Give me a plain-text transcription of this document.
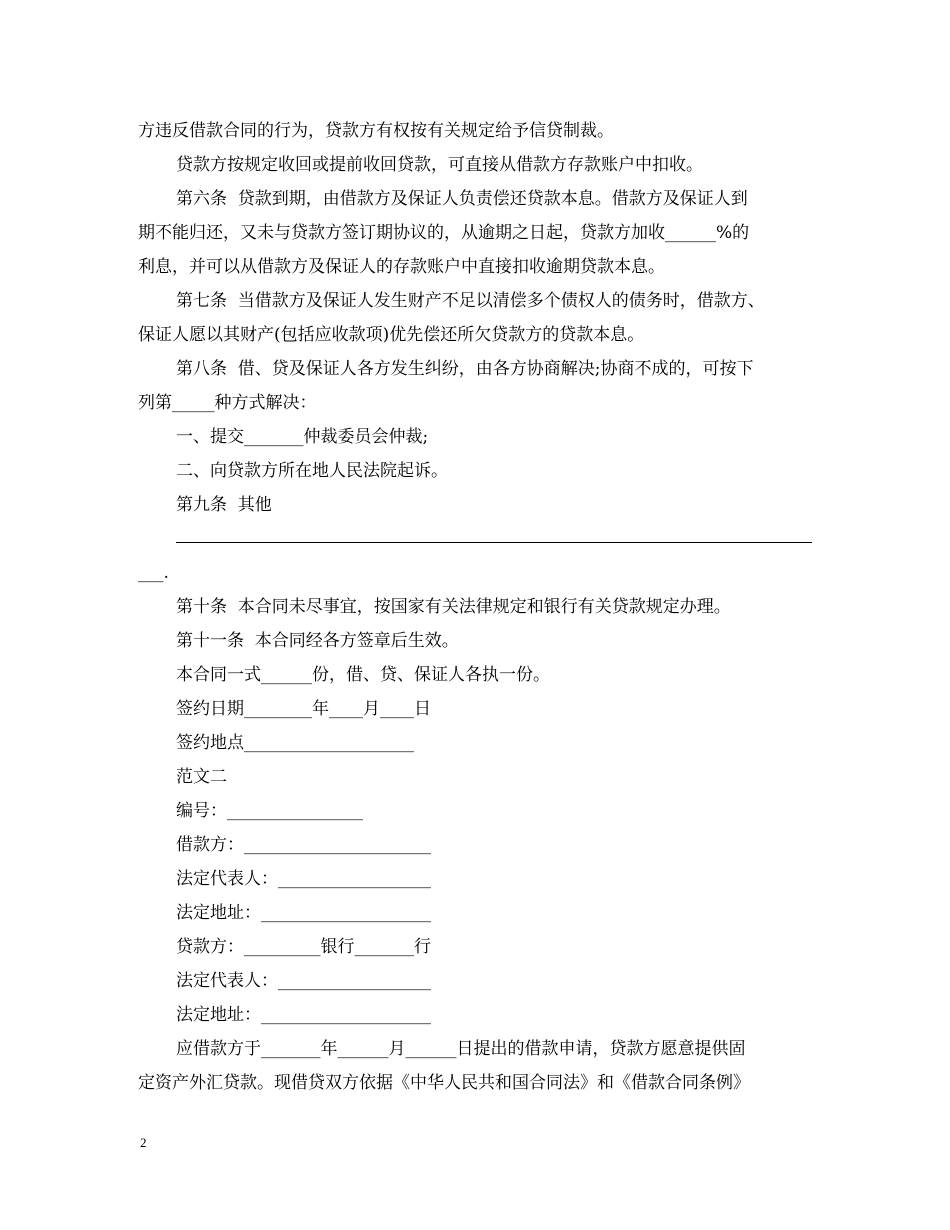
方违反借款合同的行为，贷款方有权按有关规定给予信贷制裁。
贷款方按规定收回或提前收回贷款，可直接从借款方存款账户中扣收。
第六条  贷款到期，由借款方及保证人负责偿还贷款本息。借款方及保证人到
期不能归还，又未与贷款方签订期协议的，从逾期之日起，贷款方加收______%的
利息，并可以从借款方及保证人的存款账户中直接扣收逾期贷款本息。
第七条  当借款方及保证人发生财产不足以清偿多个债权人的债务时，借款方、
保证人愿以其财产(包括应收款项)优先偿还所欠贷款方的贷款本息。
第八条  借、贷及保证人各方发生纠纷，由各方协商解决;协商不成的，可按下
列第_____种方式解决：
一、提交_______仲裁委员会仲裁;
二、向贷款方所在地人民法院起诉。
第九条  其他
___.
第十条  本合同未尽事宜，按国家有关法律规定和银行有关贷款规定办理。
第十一条  本合同经各方签章后生效。
本合同一式______份，借、贷、保证人各执一份。
签约日期________年____月____日
签约地点____________________
范文二
编号：________________
借款方：______________________
法定代表人：__________________
法定地址：____________________
贷款方：_________银行_______行
法定代表人：__________________
法定地址：____________________
应借款方于_______年______月______日提出的借款申请，贷款方愿意提供固
定资产外汇贷款。现借贷双方依据《中华人民共和国合同法》和《借款合同条例》
2
